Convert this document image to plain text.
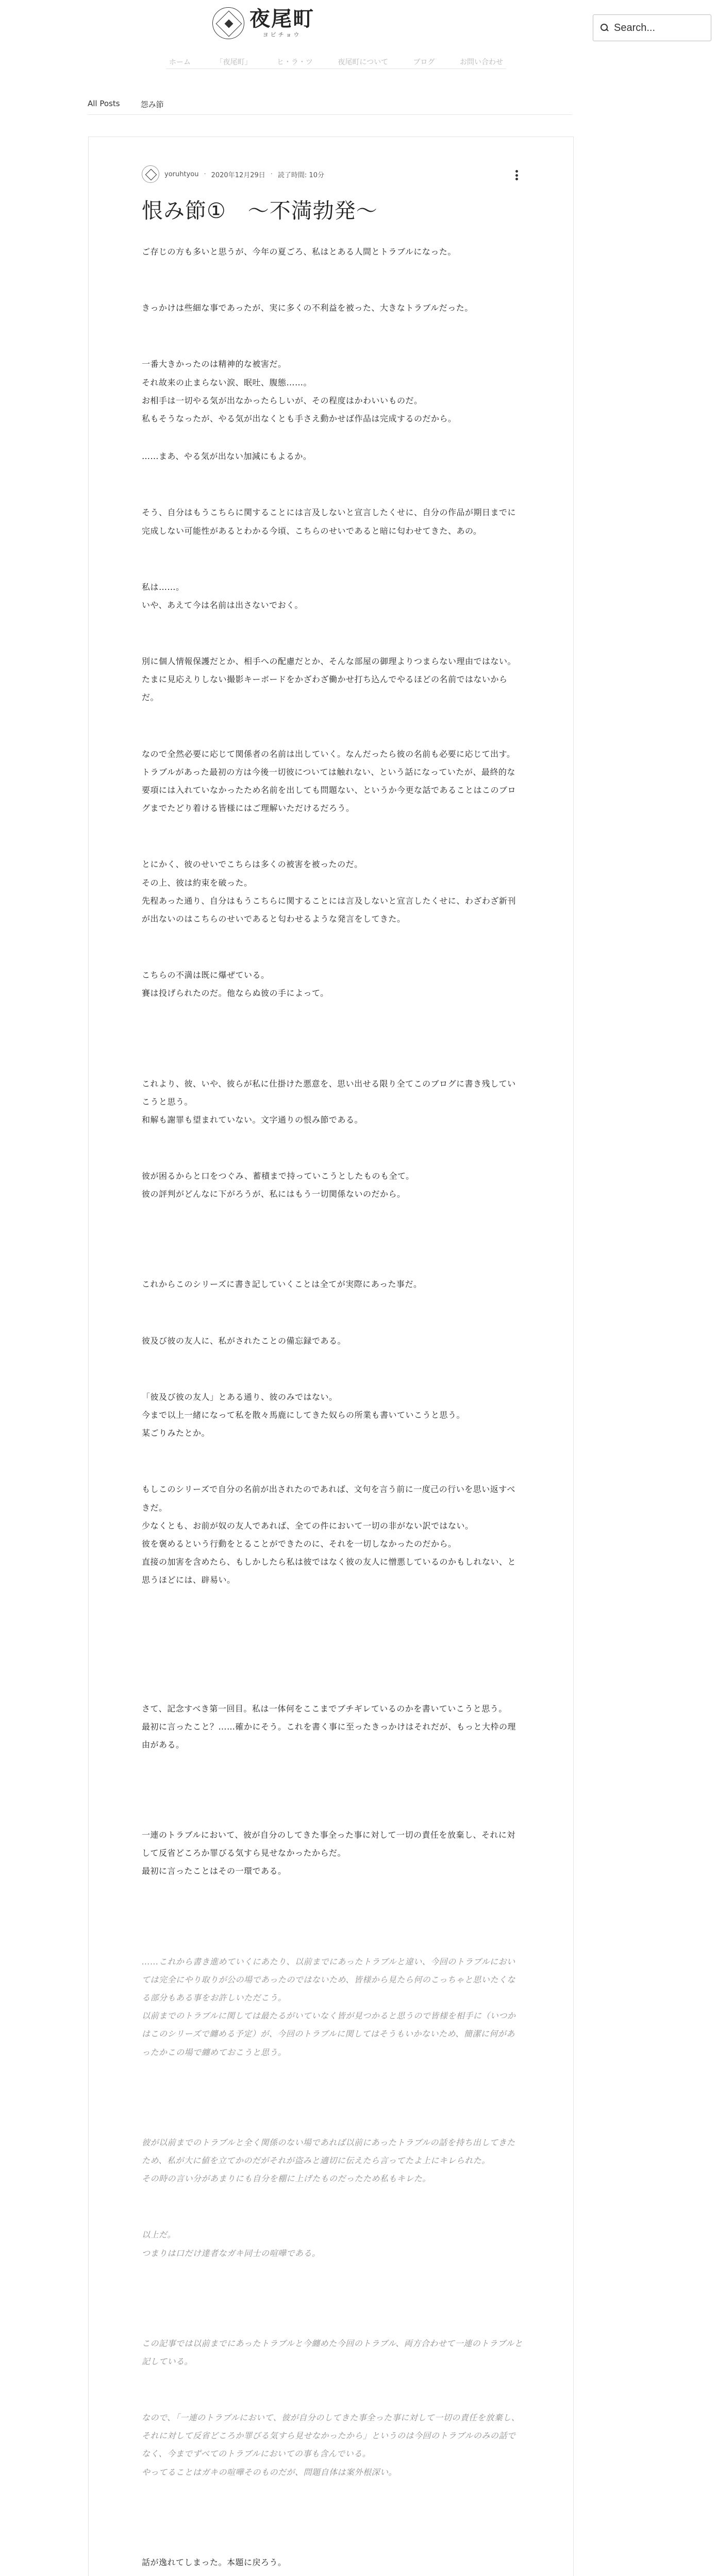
夜尾町
ヨビチョウ
ホーム	「夜尾町」	ヒ・ラ・ツ	夜尾町について	ブログ	お問い合わせ
Search...
All Posts	怨み節
yoruhtyou · 2020年12月29日 · 読了時間: 10分
恨み節①　〜不満勃発〜

ご存じの方も多いと思うが、今年の夏ごろ、私はとある人間とトラブルになった。

きっかけは些細な事であったが、実に多くの不利益を被った、大きなトラブルだった。

一番大きかったのは精神的な被害だ。

それ故来の止まらない涙、眠吐、腹態……。

お相手は一切やる気が出なかったらしいが、その程度はかわいいものだ。

私もそうなったが、やる気が出なくとも手さえ動かせば作品は完成するのだから。

……まあ、やる気が出ない加減にもよるか。

そう、自分はもうこちらに関することには言及しないと宣言したくせに、自分の作品が期日までに完成しない可能性があるとわかる今頃、こちらのせいであると暗に匂わせてきた、あの。

私は……。

いや、あえて今は名前は出さないでおく。

別に個人情報保護だとか、相手への配慮だとか、そんな部屋の御理よりつまらない理由ではない。

たまに見応えりしない撮影キーボードをかざわざ働かせ打ち込んでやるほどの名前ではないからだ。

なので全然必要に応じて関係者の名前は出していく。なんだったら彼の名前も必要に応じて出す。

トラブルがあった最初の方は今後一切彼については触れない、という話になっていたが、最終的な要項には入れていなかったため名前を出しても問題ない、というか今更な話であることはこのブログまでたどり着ける皆様にはご理解いただけるだろう。

とにかく、彼のせいでこちらは多くの被害を被ったのだ。

その上、彼は約束を破った。

先程あった通り、自分はもうこちらに関することには言及しないと宣言したくせに、わざわざ新刊が出ないのはこちらのせいであると匂わせるような発言をしてきた。

こちらの不満は既に爆ぜている。

賽は投げられたのだ。他ならぬ彼の手によって。

これより、彼、いや、彼らが私に仕掛けた悪意を、思い出せる限り全てこのブログに書き残していこうと思う。

和解も謝罪も望まれていない。文字通りの恨み節である。

彼が困るからと口をつぐみ、蓄積まで持っていこうとしたものも全て。

彼の評判がどんなに下がろうが、私にはもう一切関係ないのだから。

これからこのシリーズに書き記していくことは全てが実際にあった事だ。

彼及び彼の友人に、私がされたことの備忘録である。

「彼及び彼の友人」とある通り、彼のみではない。

今まで以上一緒になって私を散々馬鹿にしてきた奴らの所業も書いていこうと思う。

某ごりみたとか。

もしこのシリーズで自分の名前が出されたのであれば、文句を言う前に一度己の行いを思い返すべきだ。

少なくとも、お前が奴の友人であれば、全ての件において一切の非がない訳ではない。

彼を褒めるという行動をとることができたのに、それを一切しなかったのだから。

直接の加害を含めたら、もしかしたら私は彼ではなく彼の友人に憎悪しているのかもしれない、と思うほどには、辟易い。

さて、記念すべき第一回目。私は一体何をここまでブチギレているのかを書いていこうと思う。

最初に言ったこと？……確かにそう。これを書く事に至ったきっかけはそれだが、もっと大枠の理由がある。

一連のトラブルにおいて、彼が自分のしてきた事全った事に対して一切の責任を放棄し、それに対して反省どころか罪びる気すら見せなかったからだ。

最初に言ったことはその一環である。

……これから書き進めていくにあたり、以前までにあったトラブルと違い、今回のトラブルにおいては完全にやり取りが公の場であったのではないため、皆様から見たら何のこっちゃと思いたくなる部分もある事をお許しいただこう。

以前までのトラブルに関しては最たるがいていなく皆が見つかると思うので皆様を相手に（いつかはこのシリーズで纏める予定）が、今回のトラブルに関してはそうもいかないため、簡潔に何があったかこの場で纏めておこうと思う。

彼が以前までのトラブルと全く関係のない場であれば以前にあったトラブルの話を持ち出してきたため、私が大に値を立てかのだがそれが盗みと適切に伝えたら言ってたよ上にキレられた。

その時の言い分があまりにも自分を棚に上げたものだったため私もキレた。

以上だ。

つまりは口だけ達者なガキ同士の喧嘩である。

この記事では以前までにあったトラブルと今纏めた今回のトラブル、両方合わせて一連のトラブルと記している。

なので、「一連のトラブルにおいて、彼が自分のしてきた事全った事に対して一切の責任を放棄し、それに対して反省どころか罪びる気すら見せなかったから」というのは今回のトラブルのみの話でなく、今までずべてのトラブルにおいての事も含んでいる。

やってることはガキの喧嘩そのものだが、問題自体は案外根深い。

話が逸れてしまった。本題に戻ろう。
